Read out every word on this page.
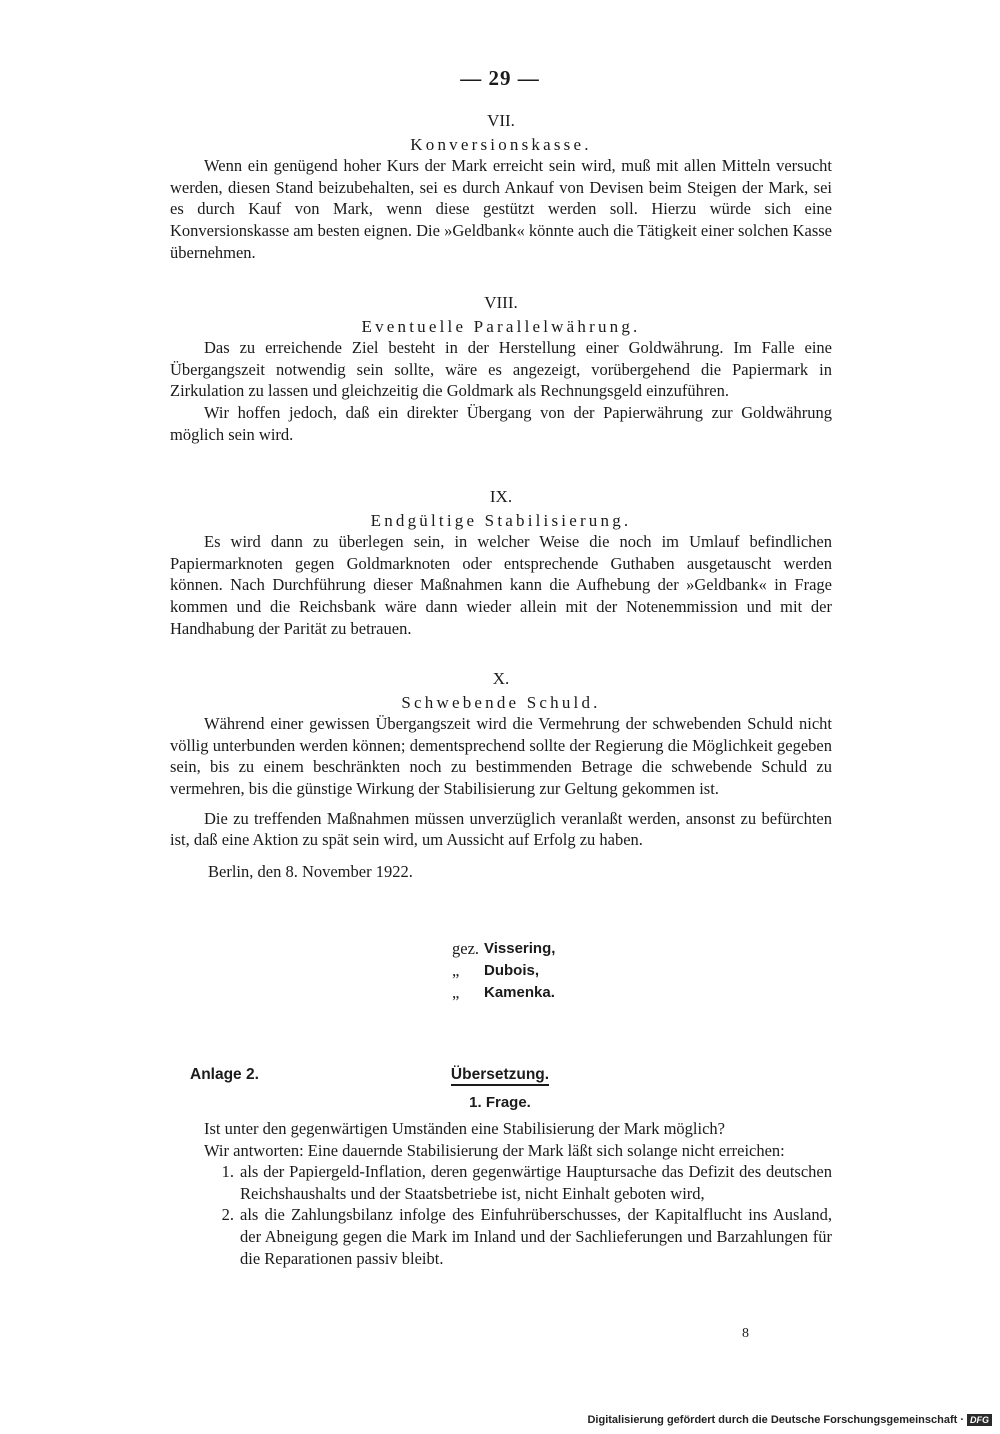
— 29 —
VII.
Konversionskasse.

Wenn ein genügend hoher Kurs der Mark erreicht sein wird, muß mit allen Mitteln versucht werden, diesen Stand beizubehalten, sei es durch Ankauf von Devisen beim Steigen der Mark, sei es durch Kauf von Mark, wenn diese gestützt werden soll. Hierzu würde sich eine Konversionskasse am besten eignen. Die »Geldbank« könnte auch die Tätigkeit einer solchen Kasse übernehmen.

VIII.
Eventuelle Parallelwährung.

Das zu erreichende Ziel besteht in der Herstellung einer Goldwährung. Im Falle eine Übergangszeit notwendig sein sollte, wäre es angezeigt, vorübergehend die Papiermark in Zirkulation zu lassen und gleichzeitig die Goldmark als Rechnungsgeld einzuführen.

Wir hoffen jedoch, daß ein direkter Übergang von der Papierwährung zur Goldwährung möglich sein wird.

IX.
Endgültige Stabilisierung.

Es wird dann zu überlegen sein, in welcher Weise die noch im Umlauf befindlichen Papiermarknoten gegen Goldmarknoten oder entsprechende Guthaben ausgetauscht werden können. Nach Durchführung dieser Maßnahmen kann die Aufhebung der »Geldbank« in Frage kommen und die Reichsbank wäre dann wieder allein mit der Notenemmission und mit der Handhabung der Parität zu betrauen.

X.
Schwebende Schuld.

Während einer gewissen Übergangszeit wird die Vermehrung der schwebenden Schuld nicht völlig unterbunden werden können; dementsprechend sollte der Regierung die Möglichkeit gegeben sein, bis zu einem beschränkten noch zu bestimmenden Betrage die schwebende Schuld zu vermehren, bis die günstige Wirkung der Stabilisierung zur Geltung gekommen ist.

Die zu treffenden Maßnahmen müssen unverzüglich veranlaßt werden, ansonst zu befürchten ist, daß eine Aktion zu spät sein wird, um Aussicht auf Erfolg zu haben.

Berlin, den 8. November 1922.

gez. Vissering,
„	Dubois,
„	Kamenka.
Anlage 2.	Übersetzung.
1. Frage.

Ist unter den gegenwärtigen Umständen eine Stabilisierung der Mark möglich?

Wir antworten: Eine dauernde Stabilisierung der Mark läßt sich solange nicht erreichen:

1. als der Papiergeld-Inflation, deren gegenwärtige Hauptursache das Defizit des deutschen Reichshaushalts und der Staatsbetriebe ist, nicht Einhalt geboten wird,
2. als die Zahlungsbilanz infolge des Einfuhrüberschusses, der Kapitalflucht ins Ausland, der Abneigung gegen die Mark im Inland und der Sachlieferungen und Barzahlungen für die Reparationen passiv bleibt.
8
Digitalisierung gefördert durch die Deutsche Forschungsgemeinschaft · DFG
